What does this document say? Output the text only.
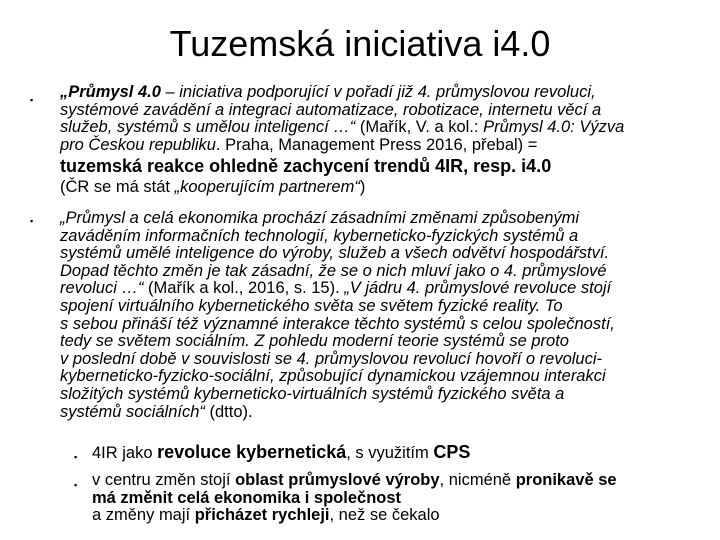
Tuzemská iniciativa i4.0
▪ „Průmysl 4.0 – iniciativa podporující v pořadí již 4. průmyslovou revoluci,
systémové zavádění a integraci automatizace, robotizace, internetu věcí a
služeb, systémů s umělou inteligencí …“ (Mařík, V. a kol.: Průmysl 4.0: Výzva
pro Českou republiku. Praha, Management Press 2016, přebal) =
tuzemská reakce ohledně zachycení trendů 4IR, resp. i4.0
(ČR se má stát „kooperujícím partnerem“)
▪ „Průmysl a celá ekonomika prochází zásadními změnami způsobenými
zaváděním informačních technologií, kyberneticko-fyzických systémů a
systémů umělé inteligence do výroby, služeb a všech odvětví hospodářství.
Dopad těchto změn je tak zásadní, že se o nich mluví jako o 4. průmyslové
revoluci …“ (Mařík a kol., 2016, s. 15). „V jádru 4. průmyslové revoluce stojí
spojení virtuálního kybernetického světa se světem fyzické reality. To
s sebou přináší též významné interakce těchto systémů s celou společností,
tedy se světem sociálním. Z pohledu moderní teorie systémů se proto
v poslední době v souvislosti se 4. průmyslovou revolucí hovoří o revoluci-
kyberneticko-fyzicko-sociální, způsobující dynamickou vzájemnou interakci
složitých systémů kyberneticko-virtuálních systémů fyzického světa a
systémů sociálních“ (dtto).
▪ 4IR jako revoluce kybernetická, s využitím CPS
▪ v centru změn stojí oblast průmyslové výroby, nicméně pronikavě se
má změnit celá ekonomika i společnost
a změny mají přicházet rychleji, než se čekalo
